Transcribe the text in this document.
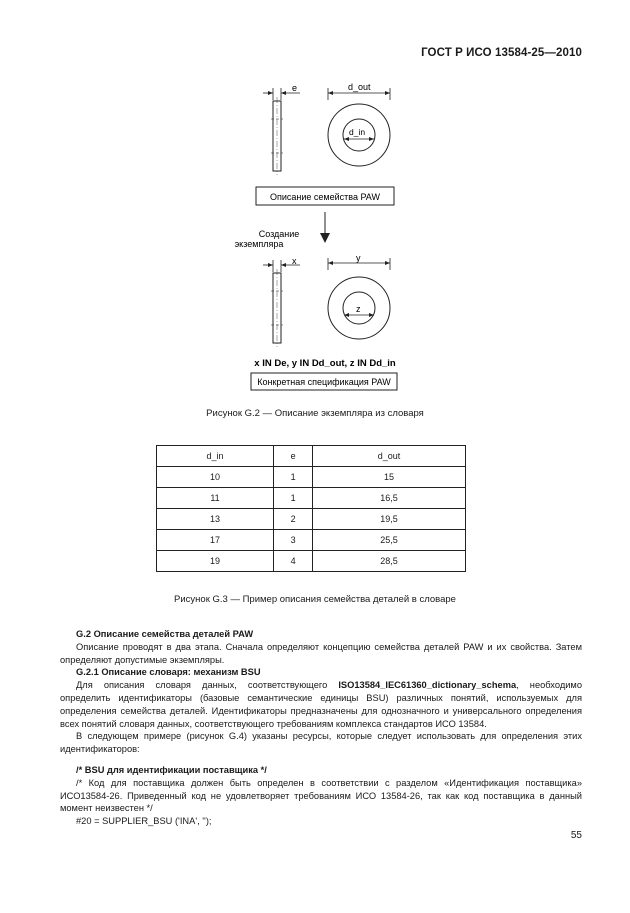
ГОСТ Р ИСО 13584-25—2010
e	d_out
d_in
Описание семейства PAW
Создание
экземпляра
x	y
z
x IN De, y IN Dd_out, z IN Dd_in
Конкретная спецификация PAW
Рисунок G.2 — Описание экземпляра из словаря
d_in	e	d_out
10	1	15
11	1	16,5
13	2	19,5
17	3	25,5
19	4	28,5
Рисунок G.3 — Пример описания семейства деталей в словаре

G.2 Описание семейства деталей PAW

Описание проводят в два этапа. Сначала определяют концепцию семейства деталей PAW и их свойства. Затем определяют допустимые экземпляры.

G.2.1 Описание словаря: механизм BSU

Для описания словаря данных, соответствующего ISO13584_IEC61360_dictionary_schema, необходимо определить идентификаторы (базовые семантические единицы BSU) различных понятий, используемых для определения семейства деталей. Идентификаторы предназначены для однозначного и универсального определения всех понятий словаря данных, соответствующего требованиям комплекса стандартов ИСО 13584.

В следующем примере (рисунок G.4) указаны ресурсы, которые следует использовать для определения этих идентификаторов:

/* BSU для идентификации поставщика */

/* Код для поставщика должен быть определен в соответствии с разделом «Идентификация поставщика» ИСО13584-26. Приведенный код не удовлетворяет требованиям ИСО 13584-26, так как код поставщика в данный момент неизвестен */

#20 = SUPPLIER_BSU ('INA', '');

55
